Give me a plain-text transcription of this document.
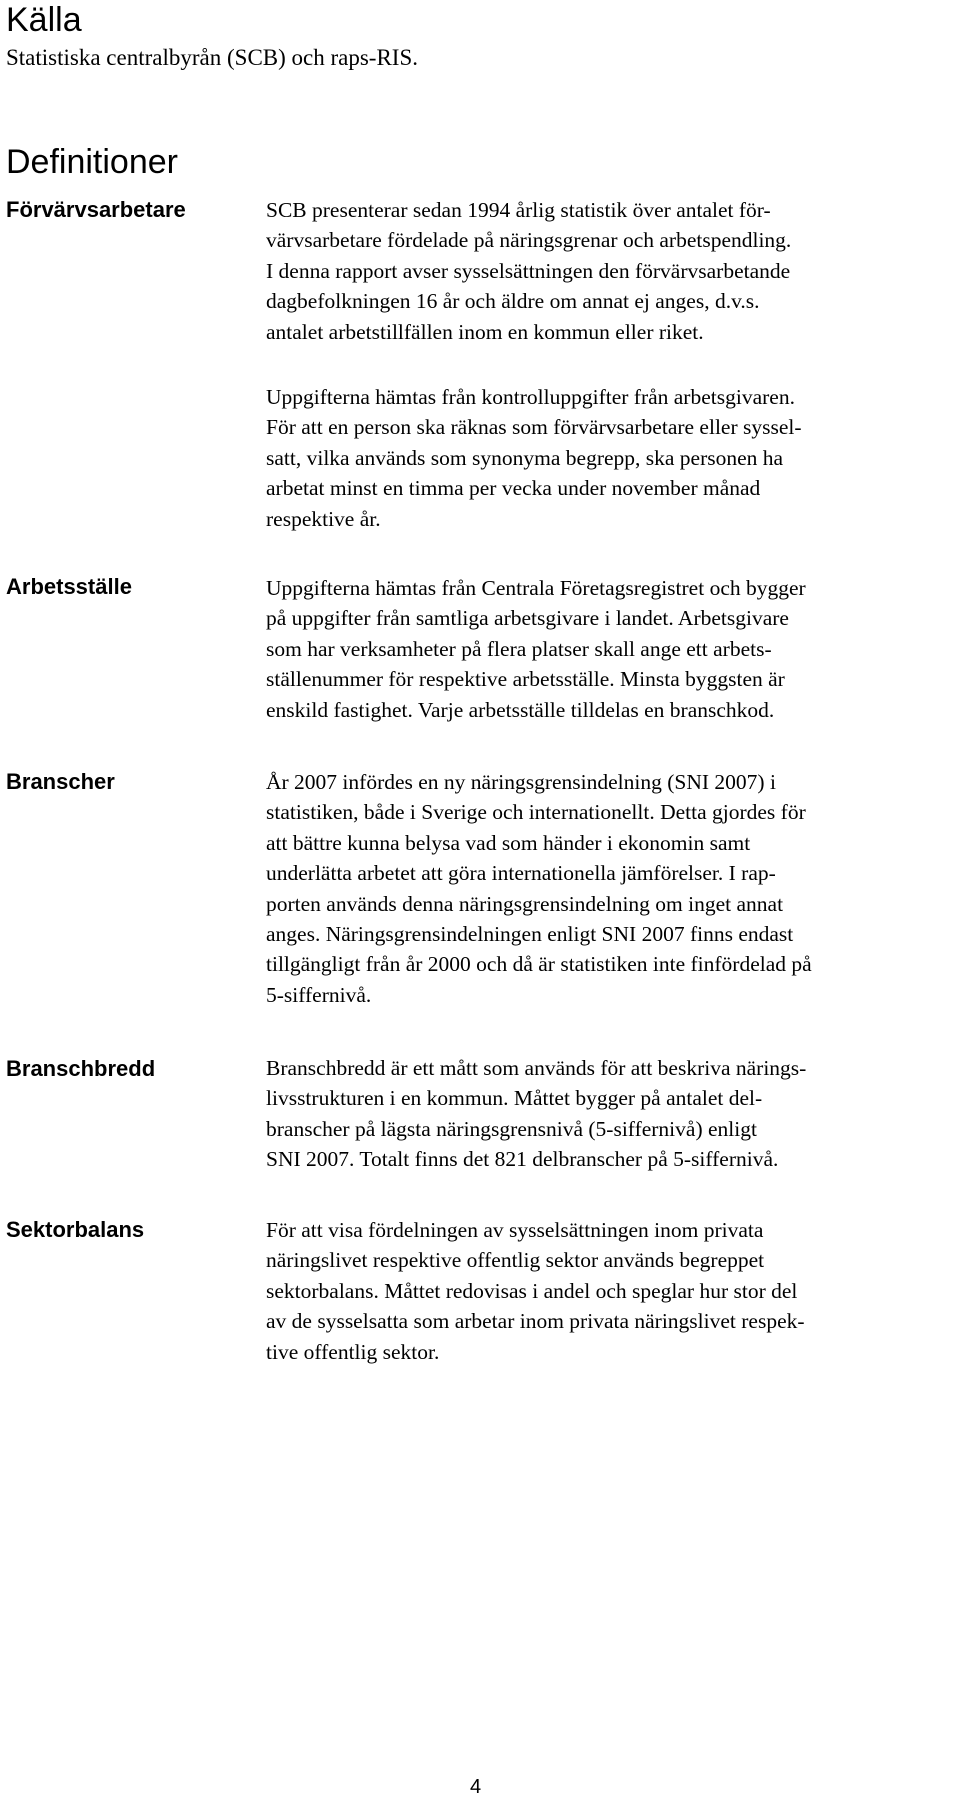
Källa
Statistiska centralbyrån (SCB) och raps-RIS.
Definitioner
Förvärvsarbetare	SCB presenterar sedan 1994 årlig statistik över antalet för-
värvsarbetare fördelade på näringsgrenar och arbetspendling.
I denna rapport avser sysselsättningen den förvärvsarbetande
dagbefolkningen 16 år och äldre om annat ej anges, d.v.s.
antalet arbetstillfällen inom en kommun eller riket.
Uppgifterna hämtas från kontrolluppgifter från arbetsgivaren.
För att en person ska räknas som förvärvsarbetare eller syssel-
satt, vilka används som synonyma begrepp, ska personen ha
arbetat minst en timma per vecka under november månad
respektive år.
Arbetsställe	Uppgifterna hämtas från Centrala Företagsregistret och bygger
på uppgifter från samtliga arbetsgivare i landet. Arbetsgivare
som har verksamheter på flera platser skall ange ett arbets-
ställenummer för respektive arbetsställe. Minsta byggsten är
enskild fastighet. Varje arbetsställe tilldelas en branschkod.
Branscher	År 2007 infördes en ny näringsgrensindelning (SNI 2007) i
statistiken, både i Sverige och internationellt. Detta gjordes för
att bättre kunna belysa vad som händer i ekonomin samt
underlätta arbetet att göra internationella jämförelser. I rap-
porten används denna näringsgrensindelning om inget annat
anges. Näringsgrensindelningen enligt SNI 2007 finns endast
tillgängligt från år 2000 och då är statistiken inte finfördelad på
5-siffernivå.
Branschbredd	Branschbredd är ett mått som används för att beskriva närings-
livsstrukturen i en kommun. Måttet bygger på antalet del-
branscher på lägsta näringsgrensnivå (5-siffernivå) enligt
SNI 2007. Totalt finns det 821 delbranscher på 5-siffernivå.
Sektorbalans	För att visa fördelningen av sysselsättningen inom privata
näringslivet respektive offentlig sektor används begreppet
sektorbalans. Måttet redovisas i andel och speglar hur stor del
av de sysselsatta som arbetar inom privata näringslivet respek-
tive offentlig sektor.
4
